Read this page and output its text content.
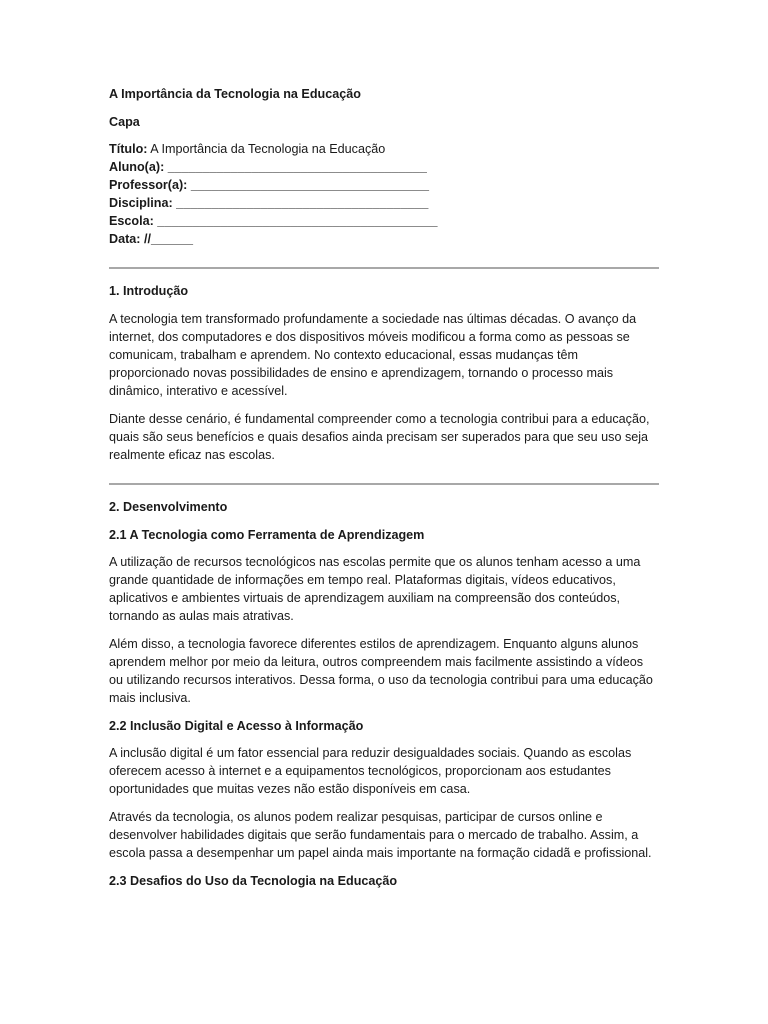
A Importância da Tecnologia na Educação

Capa

Título: A Importância da Tecnologia na Educação

Aluno(a): _____________________________________

Professor(a): __________________________________

Disciplina: ____________________________________

Escola: ________________________________________

Data: //______

1. Introdução

A tecnologia tem transformado profundamente a sociedade nas últimas décadas. O avanço da internet, dos computadores e dos dispositivos móveis modificou a forma como as pessoas se comunicam, trabalham e aprendem. No contexto educacional, essas mudanças têm proporcionado novas possibilidades de ensino e aprendizagem, tornando o processo mais dinâmico, interativo e acessível.

Diante desse cenário, é fundamental compreender como a tecnologia contribui para a educação, quais são seus benefícios e quais desafios ainda precisam ser superados para que seu uso seja realmente eficaz nas escolas.

2. Desenvolvimento
2.1 A Tecnologia como Ferramenta de Aprendizagem

A utilização de recursos tecnológicos nas escolas permite que os alunos tenham acesso a uma grande quantidade de informações em tempo real. Plataformas digitais, vídeos educativos, aplicativos e ambientes virtuais de aprendizagem auxiliam na compreensão dos conteúdos, tornando as aulas mais atrativas.

Além disso, a tecnologia favorece diferentes estilos de aprendizagem. Enquanto alguns alunos aprendem melhor por meio da leitura, outros compreendem mais facilmente assistindo a vídeos ou utilizando recursos interativos. Dessa forma, o uso da tecnologia contribui para uma educação mais inclusiva.

2.2 Inclusão Digital e Acesso à Informação

A inclusão digital é um fator essencial para reduzir desigualdades sociais. Quando as escolas oferecem acesso à internet e a equipamentos tecnológicos, proporcionam aos estudantes oportunidades que muitas vezes não estão disponíveis em casa.

Através da tecnologia, os alunos podem realizar pesquisas, participar de cursos online e desenvolver habilidades digitais que serão fundamentais para o mercado de trabalho. Assim, a escola passa a desempenhar um papel ainda mais importante na formação cidadã e profissional.

2.3 Desafios do Uso da Tecnologia na Educação
